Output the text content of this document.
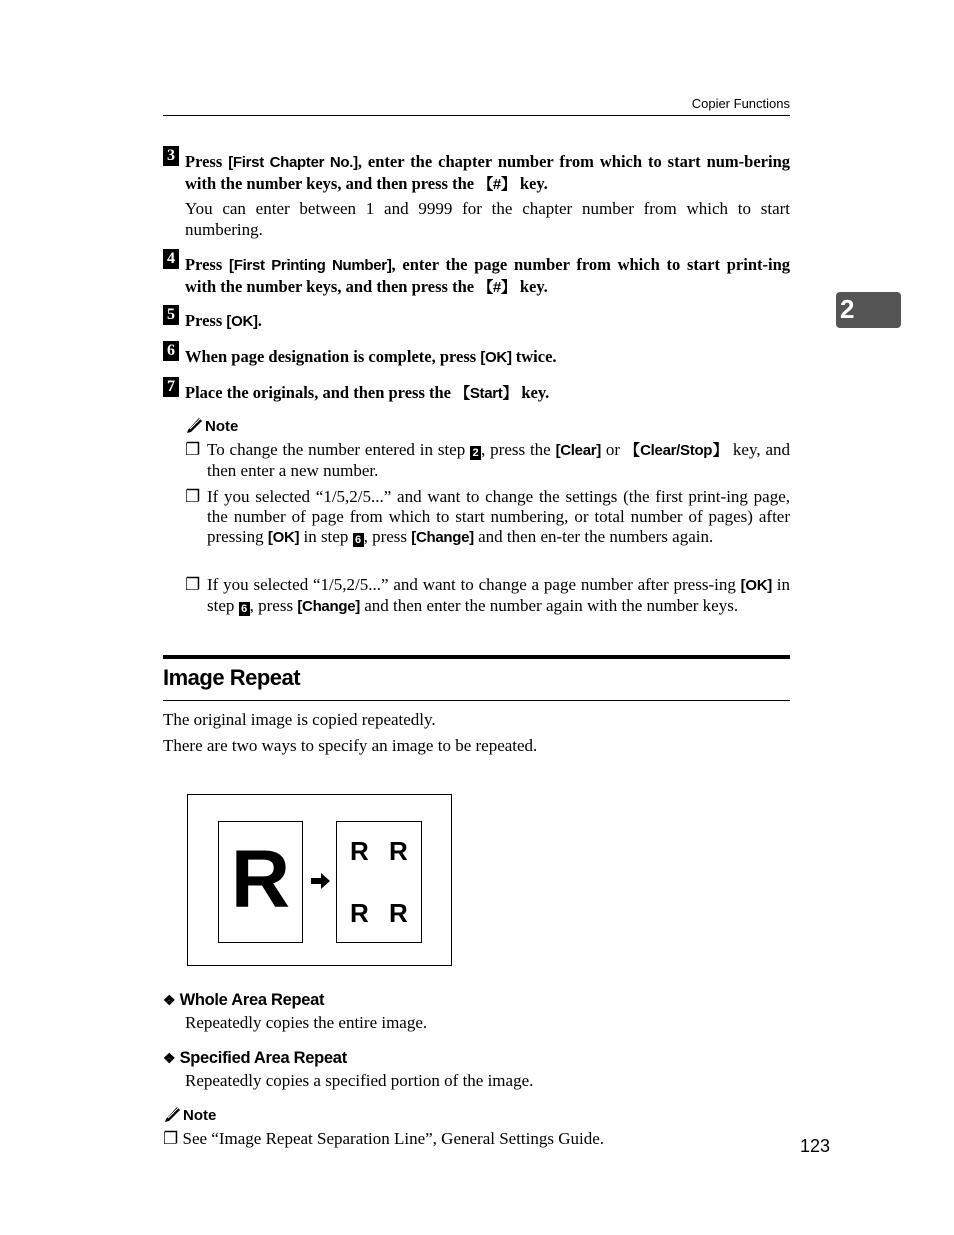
Copier Functions
2
3 Press [First Chapter No.], enter the chapter number from which to start num-bering with the number keys, and then press the 【#】 key.
You can enter between 1 and 9999 for the chapter number from which to start numbering.
4 Press [First Printing Number], enter the page number from which to start print-ing with the number keys, and then press the 【#】 key.
5 Press [OK].
6 When page designation is complete, press [OK] twice.
7 Place the originals, and then press the 【Start】 key.
Note
❐ To change the number entered in step 2 , press the [Clear] or 【Clear/Stop】 key, and then enter a new number.
❐ If you selected “1/5,2/5...” and want to change the settings (the first print-ing page, the number of page from which to start numbering, or total number of pages) after pressing [OK] in step 6 , press [Change] and then en-ter the numbers again.
❐ If you selected “1/5,2/5...” and want to change a page number after press-ing [OK] in step 6 , press [Change] and then enter the number again with the number keys.
Image Repeat
The original image is copied repeatedly.
There are two ways to specify an image to be repeated.
R	R R
R R
❖ Whole Area Repeat
Repeatedly copies the entire image.
❖ Specified Area Repeat
Repeatedly copies a specified portion of the image.
Note
❐ See “Image Repeat Separation Line”, General Settings Guide.	123
